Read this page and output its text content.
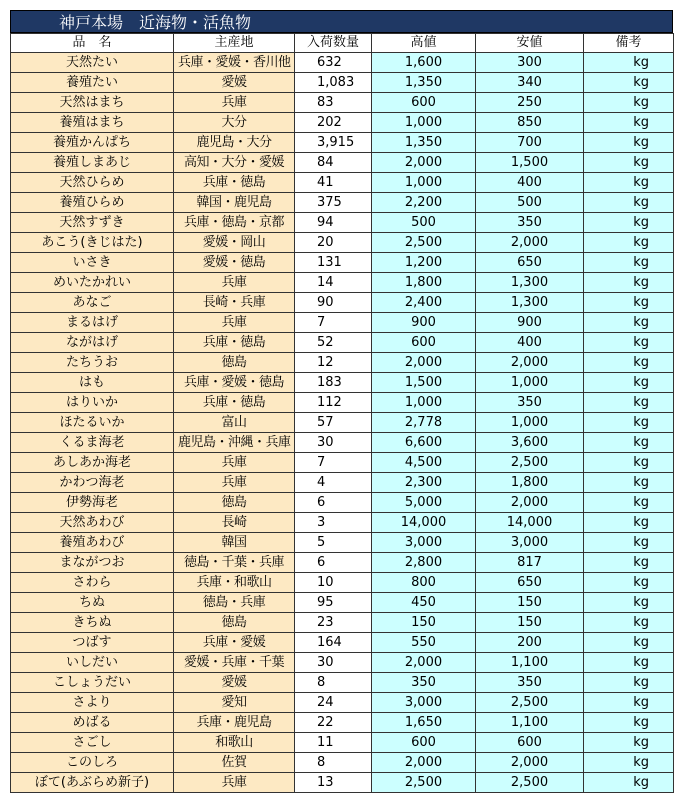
神戸本場　近海物・活魚物
品　名	主産地	入荷数量	高値	安値	備考
天然たい	兵庫・愛媛・香川他	632	1,600	300	kg
養殖たい	愛媛	1,083	1,350	340	kg
天然はまち	兵庫	83	600	250	kg
養殖はまち	大分	202	1,000	850	kg
養殖かんぱち	鹿児島・大分	3,915	1,350	700	kg
養殖しまあじ	高知・大分・愛媛	84	2,000	1,500	kg
天然ひらめ	兵庫・徳島	41	1,000	400	kg
養殖ひらめ	韓国・鹿児島	375	2,200	500	kg
天然すずき	兵庫・徳島・京都	94	500	350	kg
あこう(きじはた)	愛媛・岡山	20	2,500	2,000	kg
いさき	愛媛・徳島	131	1,200	650	kg
めいたかれい	兵庫	14	1,800	1,300	kg
あなご	長崎・兵庫	90	2,400	1,300	kg
まるはげ	兵庫	7	900	900	kg
ながはげ	兵庫・徳島	52	600	400	kg
たちうお	徳島	12	2,000	2,000	kg
はも	兵庫・愛媛・徳島	183	1,500	1,000	kg
はりいか	兵庫・徳島	112	1,000	350	kg
ほたるいか	富山	57	2,778	1,000	kg
くるま海老	鹿児島・沖縄・兵庫	30	6,600	3,600	kg
あしあか海老	兵庫	7	4,500	2,500	kg
かわつ海老	兵庫	4	2,300	1,800	kg
伊勢海老	徳島	6	5,000	2,000	kg
天然あわび	長崎	3	14,000	14,000	kg
養殖あわび	韓国	5	3,000	3,000	kg
まながつお	徳島・千葉・兵庫	6	2,800	817	kg
さわら	兵庫・和歌山	10	800	650	kg
ちぬ	徳島・兵庫	95	450	150	kg
きちぬ	徳島	23	150	150	kg
つばす	兵庫・愛媛	164	550	200	kg
いしだい	愛媛・兵庫・千葉	30	2,000	1,100	kg
こしょうだい	愛媛	8	350	350	kg
さより	愛知	24	3,000	2,500	kg
めばる	兵庫・鹿児島	22	1,650	1,100	kg
さごし	和歌山	11	600	600	kg
このしろ	佐賀	8	2,000	2,000	kg
ぼて(あぶらめ新子)	兵庫	13	2,500	2,500	kg
